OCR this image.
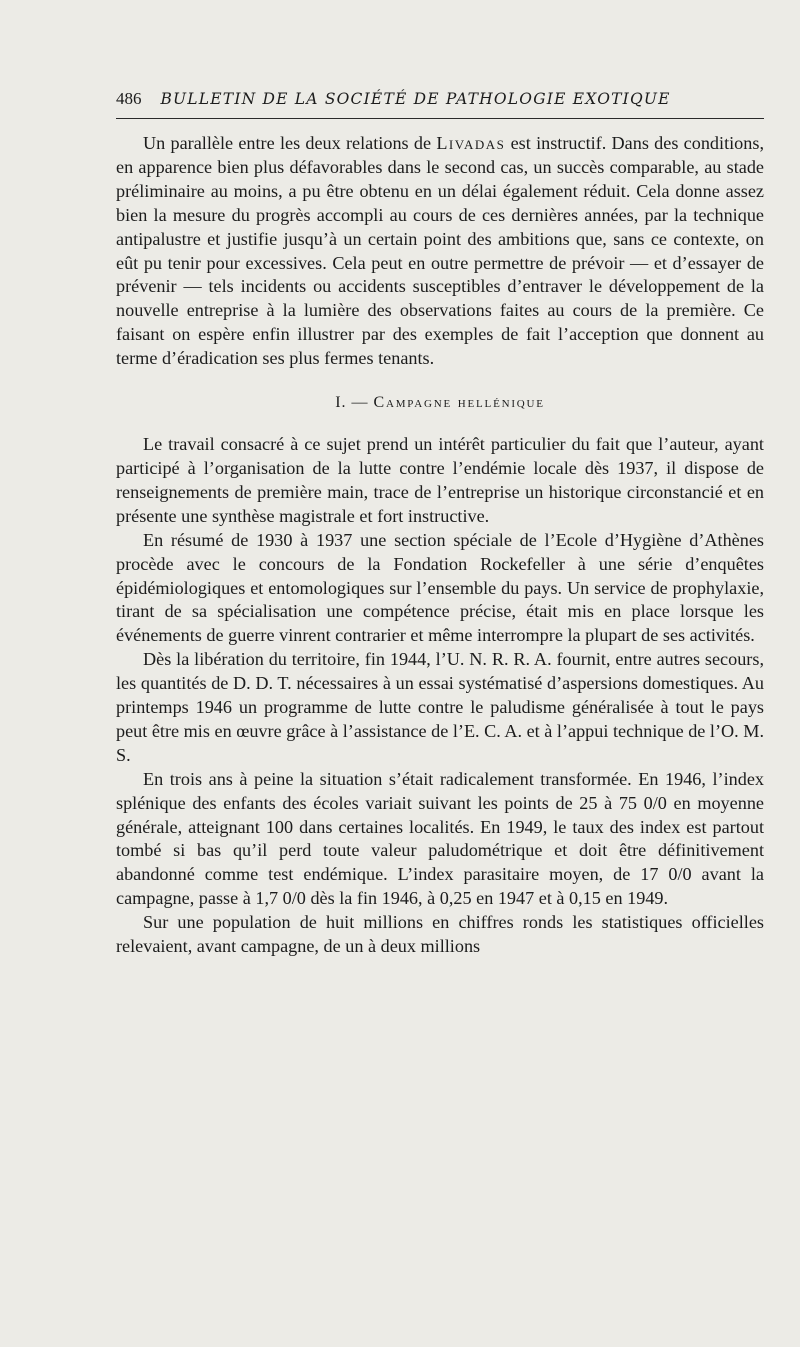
486 BULLETIN DE LA SOCIÉTÉ DE PATHOLOGIE EXOTIQUE

Un parallèle entre les deux relations de Livadas est instructif. Dans des conditions, en apparence bien plus défavorables dans le second cas, un succès comparable, au stade préliminaire au moins, a pu être obtenu en un délai également réduit. Cela donne assez bien la mesure du progrès accompli au cours de ces dernières années, par la technique antipalustre et justifie jusqu’à un certain point des ambitions que, sans ce contexte, on eût pu tenir pour excessives. Cela peut en outre permettre de prévoir — et d’essayer de prévenir — tels incidents ou accidents susceptibles d’entraver le développement de la nouvelle entreprise à la lumière des observations faites au cours de la première. Ce faisant on espère enfin illustrer par des exemples de fait l’acception que donnent au terme d’éradication ses plus fermes tenants.

I. — Campagne hellénique

Le travail consacré à ce sujet prend un intérêt particulier du fait que l’auteur, ayant participé à l’organisation de la lutte contre l’endémie locale dès 1937, il dispose de renseignements de première main, trace de l’entreprise un historique circonstancié et en présente une synthèse magistrale et fort instructive.

En résumé de 1930 à 1937 une section spéciale de l’Ecole d’Hygiène d’Athènes procède avec le concours de la Fondation Rockefeller à une série d’enquêtes épidémiologiques et entomologiques sur l’ensemble du pays. Un service de prophylaxie, tirant de sa spécialisation une compétence précise, était mis en place lorsque les événements de guerre vinrent contrarier et même interrompre la plupart de ses activités.

Dès la libération du territoire, fin 1944, l’U. N. R. R. A. fournit, entre autres secours, les quantités de D. D. T. nécessaires à un essai systématisé d’aspersions domestiques. Au printemps 1946 un programme de lutte contre le paludisme généralisée à tout le pays peut être mis en œuvre grâce à l’assistance de l’E. C. A. et à l’appui technique de l’O. M. S.

En trois ans à peine la situation s’était radicalement transformée. En 1946, l’index splénique des enfants des écoles variait suivant les points de 25 à 75 0/0 en moyenne générale, atteignant 100 dans certaines localités. En 1949, le taux des index est partout tombé si bas qu’il perd toute valeur paludométrique et doit être définitivement abandonné comme test endémique. L’index parasitaire moyen, de 17 0/0 avant la campagne, passe à 1,7 0/0 dès la fin 1946, à 0,25 en 1947 et à 0,15 en 1949.

Sur une population de huit millions en chiffres ronds les statistiques officielles relevaient, avant campagne, de un à deux millions
